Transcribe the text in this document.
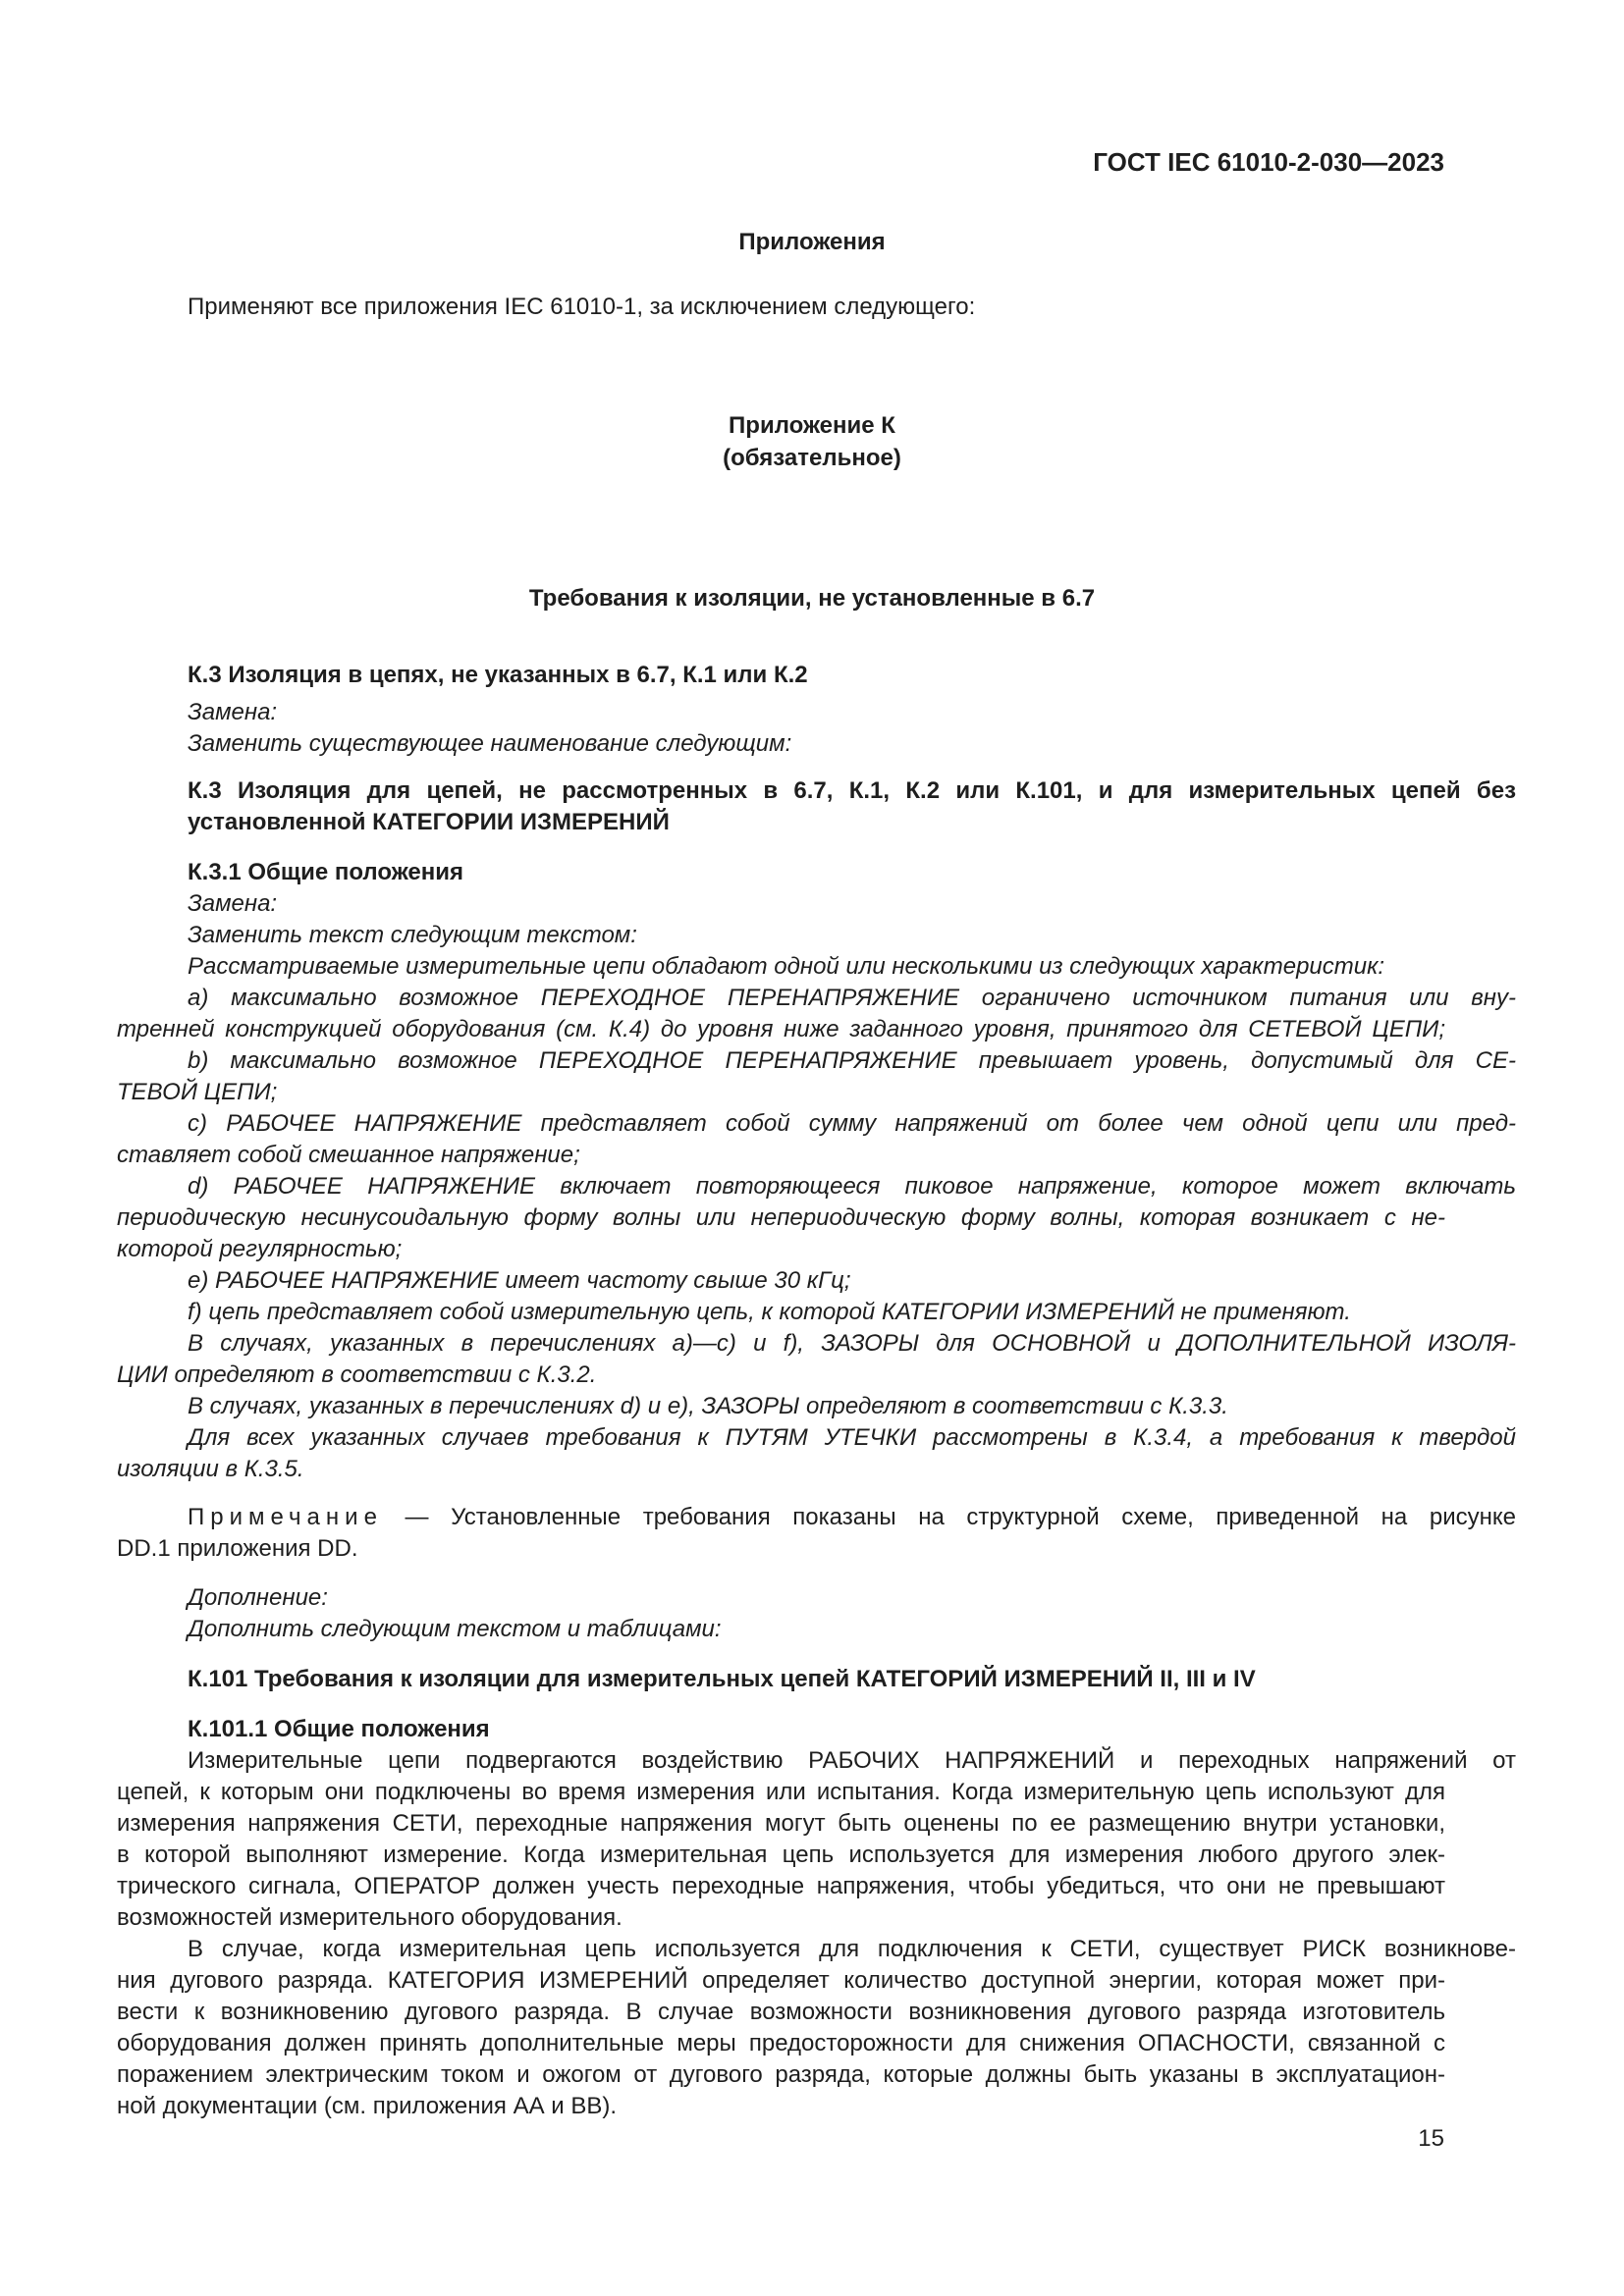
ГОСТ IEC 61010-2-030—2023
Приложения
Применяют все приложения IEC 61010-1, за исключением следующего:
Приложение К
(обязательное)
Требования к изоляции, не установленные в 6.7
К.3 Изоляция в цепях, не указанных в 6.7, К.1 или К.2
Замена:
Заменить существующее наименование следующим:
К.3 Изоляция для цепей, не рассмотренных в 6.7, К.1, К.2 или К.101, и для измерительных цепей без
установленной КАТЕГОРИИ ИЗМЕРЕНИЙ
К.3.1 Общие положения
Замена:
Заменить текст следующим текстом:
Рассматриваемые измерительные цепи обладают одной или несколькими из следующих характеристик:
а) максимально возможное ПЕРЕХОДНОЕ ПЕРЕНАПРЯЖЕНИЕ ограничено источником питания или вну-
тренней конструкцией оборудования (см. К.4) до уровня ниже заданного уровня, принятого для СЕТЕВОЙ ЦЕПИ;
b) максимально возможное ПЕРЕХОДНОЕ ПЕРЕНАПРЯЖЕНИЕ превышает уровень, допустимый для СЕ-
ТЕВОЙ ЦЕПИ;
c) РАБОЧЕЕ НАПРЯЖЕНИЕ представляет собой сумму напряжений от более чем одной цепи или пред-
ставляет собой смешанное напряжение;
d) РАБОЧЕЕ НАПРЯЖЕНИЕ включает повторяющееся пиковое напряжение, которое может включать
периодическую несинусоидальную форму волны или непериодическую форму волны, которая возникает с не-
которой регулярностью;
е) РАБОЧЕЕ НАПРЯЖЕНИЕ имеет частоту свыше 30 кГц;
f) цепь представляет собой измерительную цепь, к которой КАТЕГОРИИ ИЗМЕРЕНИЙ не применяют.
В случаях, указанных в перечислениях а)—с) и f), ЗАЗОРЫ для ОСНОВНОЙ и ДОПОЛНИТЕЛЬНОЙ ИЗОЛЯ-
ЦИИ определяют в соответствии с К.3.2.
В случаях, указанных в перечислениях d) и е), ЗАЗОРЫ определяют в соответствии с К.3.3.
Для всех указанных случаев требования к ПУТЯМ УТЕЧКИ рассмотрены в К.3.4, а требования к твердой
изоляции в К.3.5.
Примечание — Установленные требования показаны на структурной схеме, приведенной на рисунке
DD.1 приложения DD.
Дополнение:
Дополнить следующим текстом и таблицами:
К.101 Требования к изоляции для измерительных цепей КАТЕГОРИЙ ИЗМЕРЕНИЙ II, III и IV
К.101.1 Общие положения
Измерительные цепи подвергаются воздействию РАБОЧИХ НАПРЯЖЕНИЙ и переходных напряжений от
цепей, к которым они подключены во время измерения или испытания. Когда измерительную цепь используют для
измерения напряжения СЕТИ, переходные напряжения могут быть оценены по ее размещению внутри установки,
в которой выполняют измерение. Когда измерительная цепь используется для измерения любого другого элек-
трического сигнала, ОПЕРАТОР должен учесть переходные напряжения, чтобы убедиться, что они не превышают
возможностей измерительного оборудования.
В случае, когда измерительная цепь используется для подключения к СЕТИ, существует РИСК возникнове-
ния дугового разряда. КАТЕГОРИЯ ИЗМЕРЕНИЙ определяет количество доступной энергии, которая может при-
вести к возникновению дугового разряда. В случае возможности возникновения дугового разряда изготовитель
оборудования должен принять дополнительные меры предосторожности для снижения ОПАСНОСТИ, связанной с
поражением электрическим током и ожогом от дугового разряда, которые должны быть указаны в эксплуатацион-
ной документации (см. приложения АА и ВВ).
15
